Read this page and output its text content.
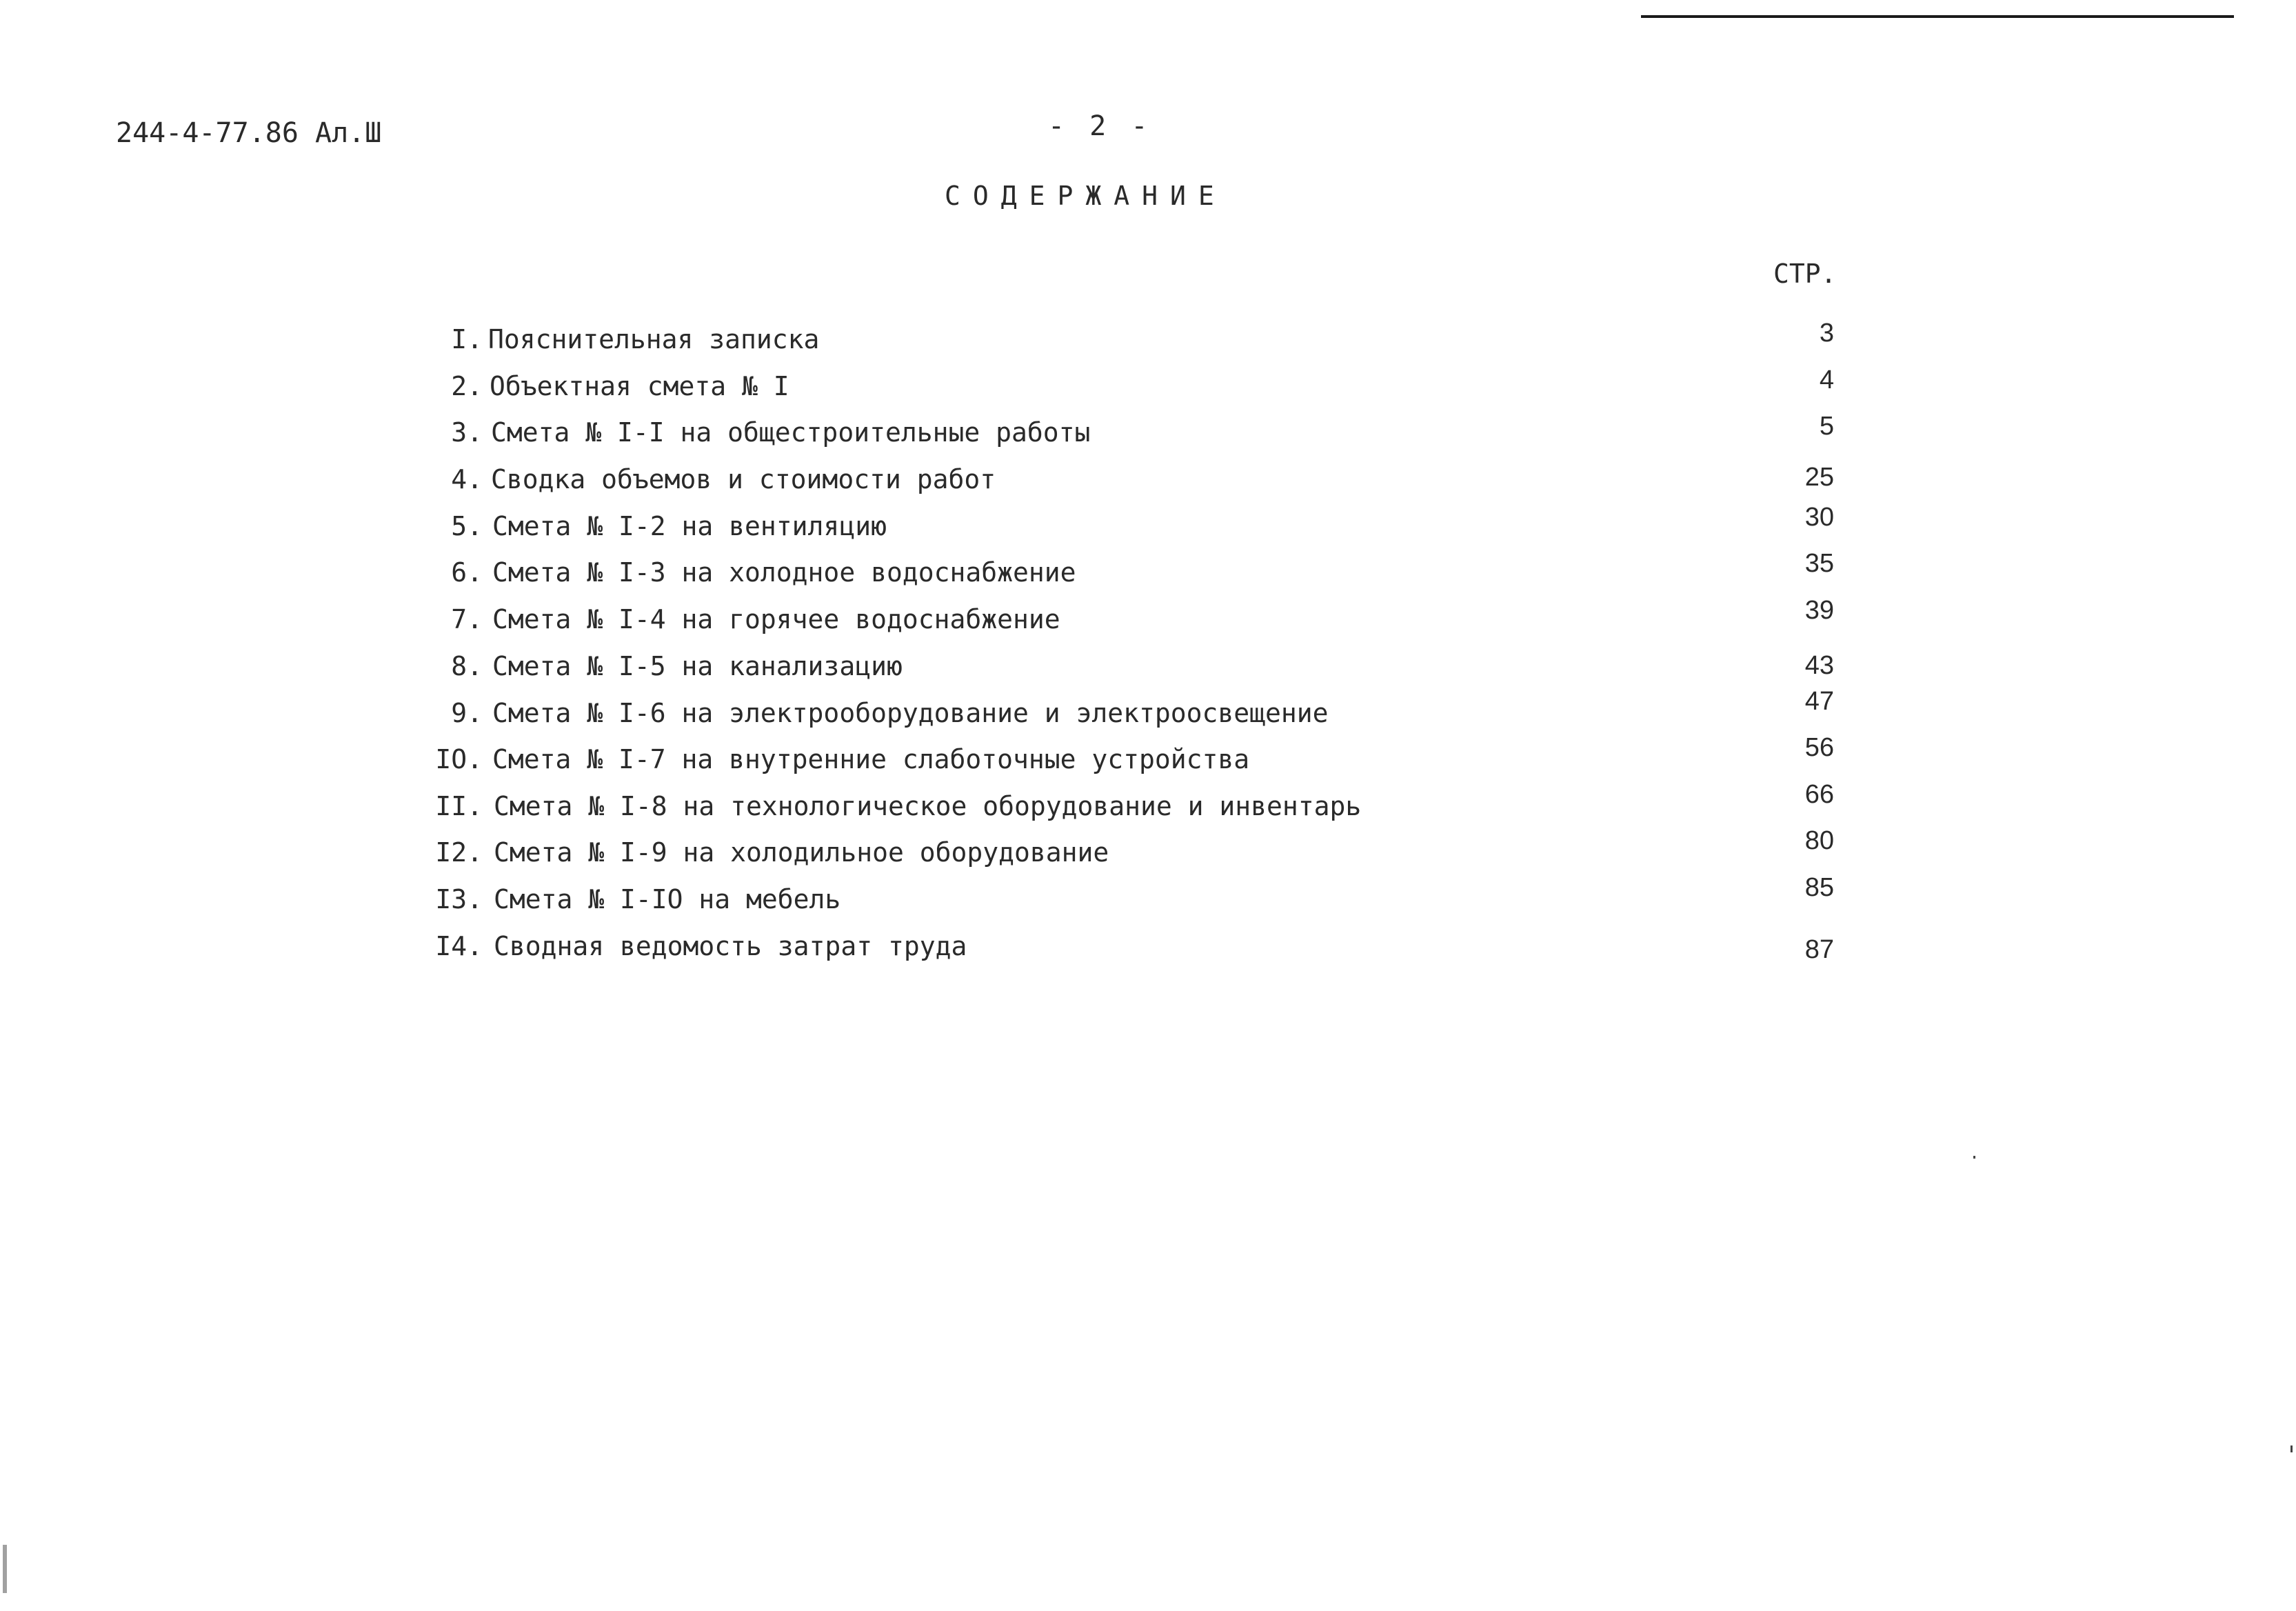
244-4-77.86 Ал.Ш	- 2 -
СОДЕРЖАНИЕ
СТР.
I. Пояснительная записка	3
2. Объектная смета № I	4
3. Смета № I-I на общестроительные работы	5
4. Сводка объемов и стоимости работ	25
5. Смета № I-2 на вентиляцию	30
6. Смета № I-3 на холодное водоснабжение	35
7. Смета № I-4 на горячее водоснабжение	39
8. Смета № I-5 на канализацию	43
9. Смета № I-6 на электрооборудование и электроосвещение	47
IO. Смета № I-7 на внутренние слаботочные устройства	56
II. Смета № I-8 на технологическое оборудование и инвентарь	66
I2. Смета № I-9 на холодильное оборудование	80
I3. Смета № I-IO на мебель	85
I4. Сводная ведомость затрат труда	87
